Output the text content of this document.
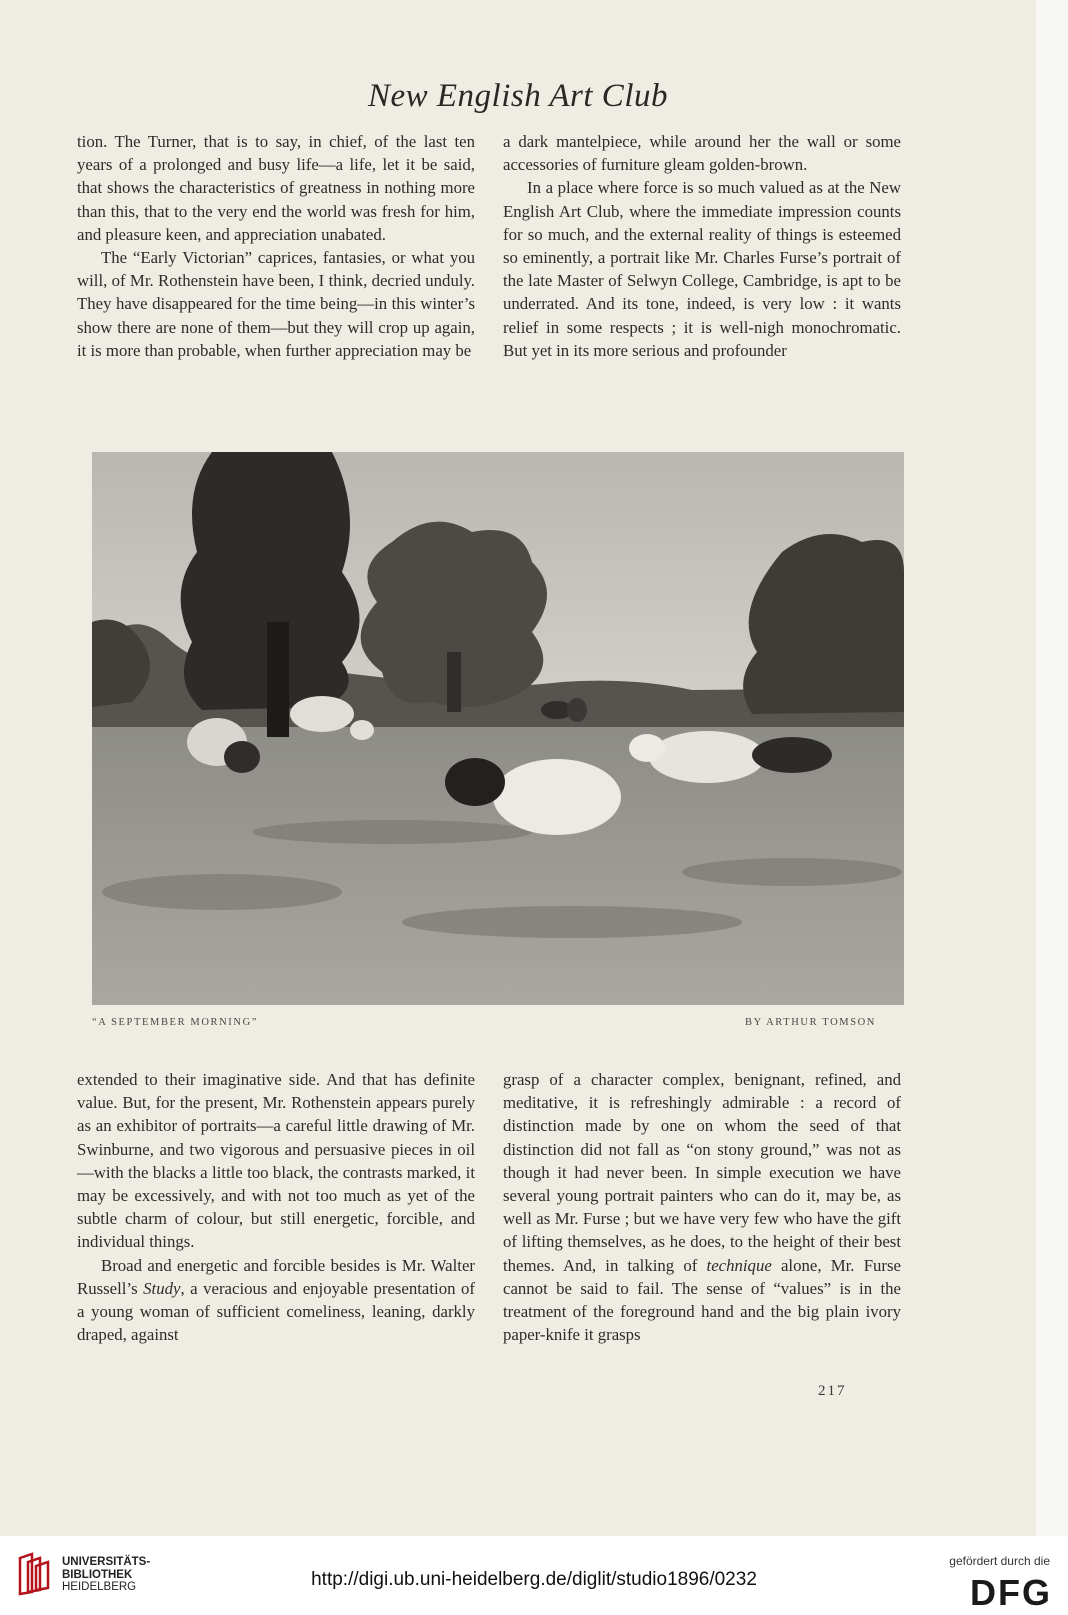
New English Art Club

tion. The Turner, that is to say, in chief, of the last ten years of a prolonged and busy life—a life, let it be said, that shows the characteristics of greatness in nothing more than this, that to the very end the world was fresh for him, and pleasure keen, and appreciation unabated.

The “Early Victorian” caprices, fantasies, or what you will, of Mr. Rothenstein have been, I think, decried unduly. They have disappeared for the time being—in this winter’s show there are none of them—but they will crop up again, it is more than probable, when further appreciation may be

a dark mantelpiece, while around her the wall or some accessories of furniture gleam golden-brown.

In a place where force is so much valued as at the New English Art Club, where the immediate impression counts for so much, and the external reality of things is esteemed so eminently, a portrait like Mr. Charles Furse’s portrait of the late Master of Selwyn College, Cambridge, is apt to be underrated. And its tone, indeed, is very low : it wants relief in some respects ; it is well-nigh monochromatic. But yet in its more serious and profounder

“A SEPTEMBER MORNING”	BY ARTHUR TOMSON

extended to their imaginative side. And that has definite value. But, for the present, Mr. Rothenstein appears purely as an exhibitor of portraits—a careful little drawing of Mr. Swinburne, and two vigorous and persuasive pieces in oil—with the blacks a little too black, the contrasts marked, it may be excessively, and with not too much as yet of the subtle charm of colour, but still energetic, forcible, and individual things.

Broad and energetic and forcible besides is Mr. Walter Russell’s Study, a veracious and enjoyable presentation of a young woman of sufficient comeliness, leaning, darkly draped, against

grasp of a character complex, benignant, refined, and meditative, it is refreshingly admirable : a record of distinction made by one on whom the seed of that distinction did not fall as “on stony ground,” was not as though it had never been. In simple execution we have several young portrait painters who can do it, may be, as well as Mr. Furse ; but we have very few who have the gift of lifting themselves, as he does, to the height of their best themes. And, in talking of technique alone, Mr. Furse cannot be said to fail. The sense of “values” is in the treatment of the foreground hand and the big plain ivory paper-knife it grasps

217
UNIVERSITÄTS-
BIBLIOTHEK
HEIDELBERG	http://digi.ub.uni-heidelberg.de/diglit/studio1896/0232
gefördert durch die
DFG
